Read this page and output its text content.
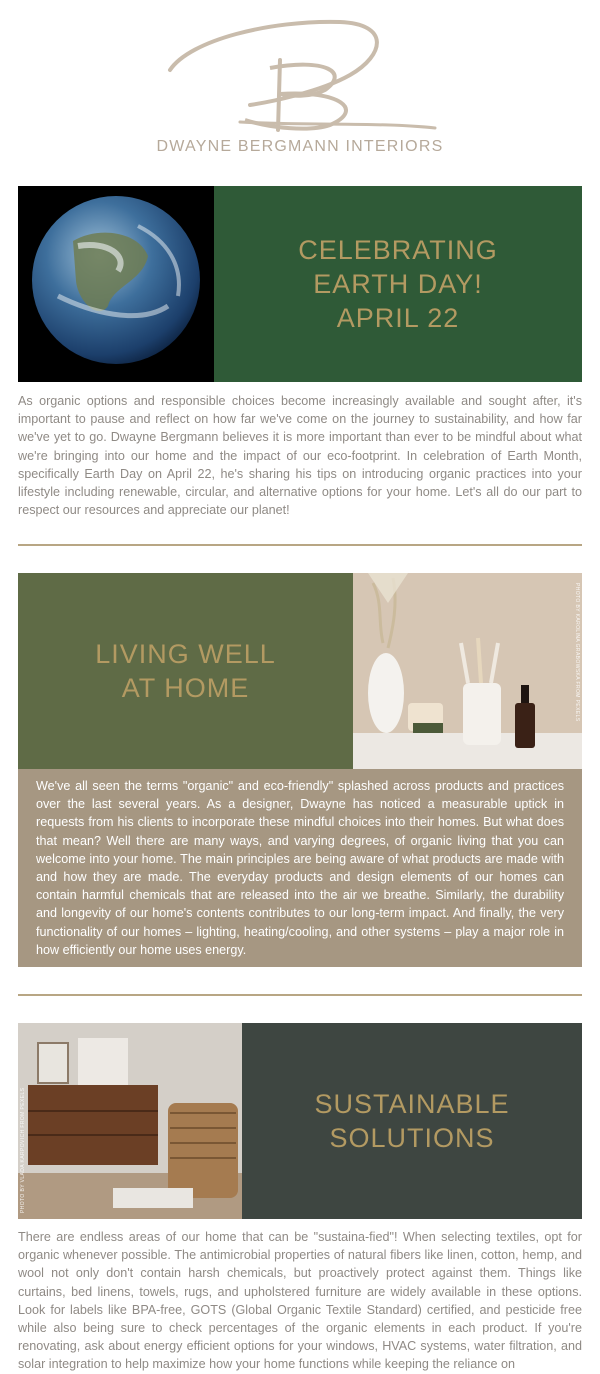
DWAYNE BERGMANN INTERIORS
CELEBRATING
EARTH DAY!
APRIL 22

As organic options and responsible choices become increasingly available and sought after, it's important to pause and reflect on how far we've come on the journey to sustainability, and how far we've yet to go. Dwayne Bergmann believes it is more important than ever to be mindful about what we're bringing into our home and the impact of our eco-footprint. In celebration of Earth Month, specifically Earth Day on April 22, he's sharing his tips on introducing organic practices into your lifestyle including renewable, circular, and alternative options for your home. Let's all do our part to respect our resources and appreciate our planet!

LIVING WELL
AT HOME	PHOTO BY KAROLINA GRABOWSKA FROM PEXELS

We've all seen the terms "organic" and eco-friendly" splashed across products and practices over the last several years. As a designer, Dwayne has noticed a measurable uptick in requests from his clients to incorporate these mindful choices into their homes. But what does that mean? Well there are many ways, and varying degrees, of organic living that you can welcome into your home. The main principles are being aware of what products are made with and how they are made. The everyday products and design elements of our homes can contain harmful chemicals that are released into the air we breathe. Similarly, the durability and longevity of our home's contents contributes to our long-term impact. And finally, the very functionality of our homes – lighting, heating/cooling, and other systems – play a major role in how efficiently our home uses energy.

PHOTO BY VLADA KARPOVICH FROM PEXELS	SUSTAINABLE
SOLUTIONS

There are endless areas of our home that can be "sustaina-fied"! When selecting textiles, opt for organic whenever possible. The antimicrobial properties of natural fibers like linen, cotton, hemp, and wool not only don't contain harsh chemicals, but proactively protect against them. Things like curtains, bed linens, towels, rugs, and upholstered furniture are widely available in these options. Look for labels like BPA-free, GOTS (Global Organic Textile Standard) certified, and pesticide free while also being sure to check percentages of the organic elements in each product. If you're renovating, ask about energy efficient options for your windows, HVAC systems, water filtration, and solar integration to help maximize how your home functions while keeping the reliance on
